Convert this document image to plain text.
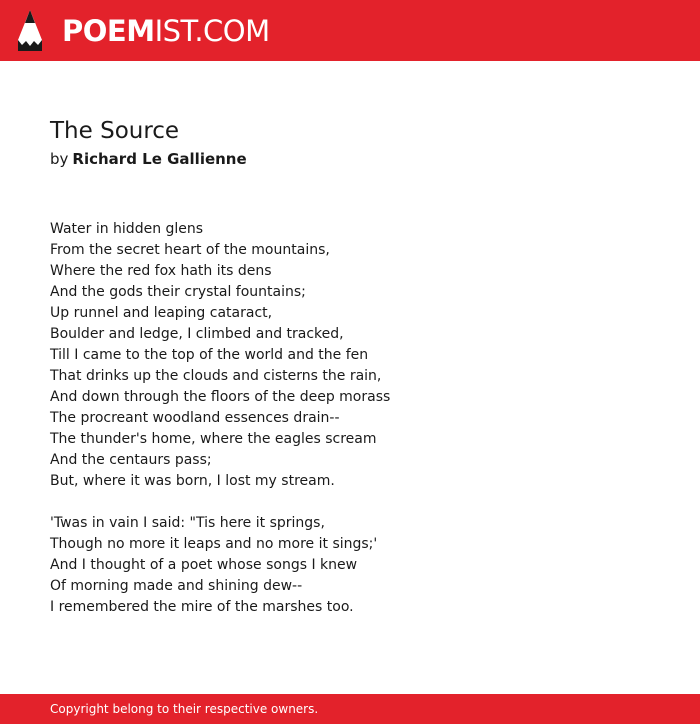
POEMIST.COM
The Source
by Richard Le Gallienne
Water in hidden glens
From the secret heart of the mountains,
Where the red fox hath its dens
And the gods their crystal fountains;
Up runnel and leaping cataract,
Boulder and ledge, I climbed and tracked,
Till I came to the top of the world and the fen
That drinks up the clouds and cisterns the rain,
And down through the floors of the deep morass
The procreant woodland essences drain--
The thunder's home, where the eagles scream
And the centaurs pass;
But, where it was born, I lost my stream.
'Twas in vain I said: "Tis here it springs,
Though no more it leaps and no more it sings;'
And I thought of a poet whose songs I knew
Of morning made and shining dew--
I remembered the mire of the marshes too.
Copyright belong to their respective owners.
